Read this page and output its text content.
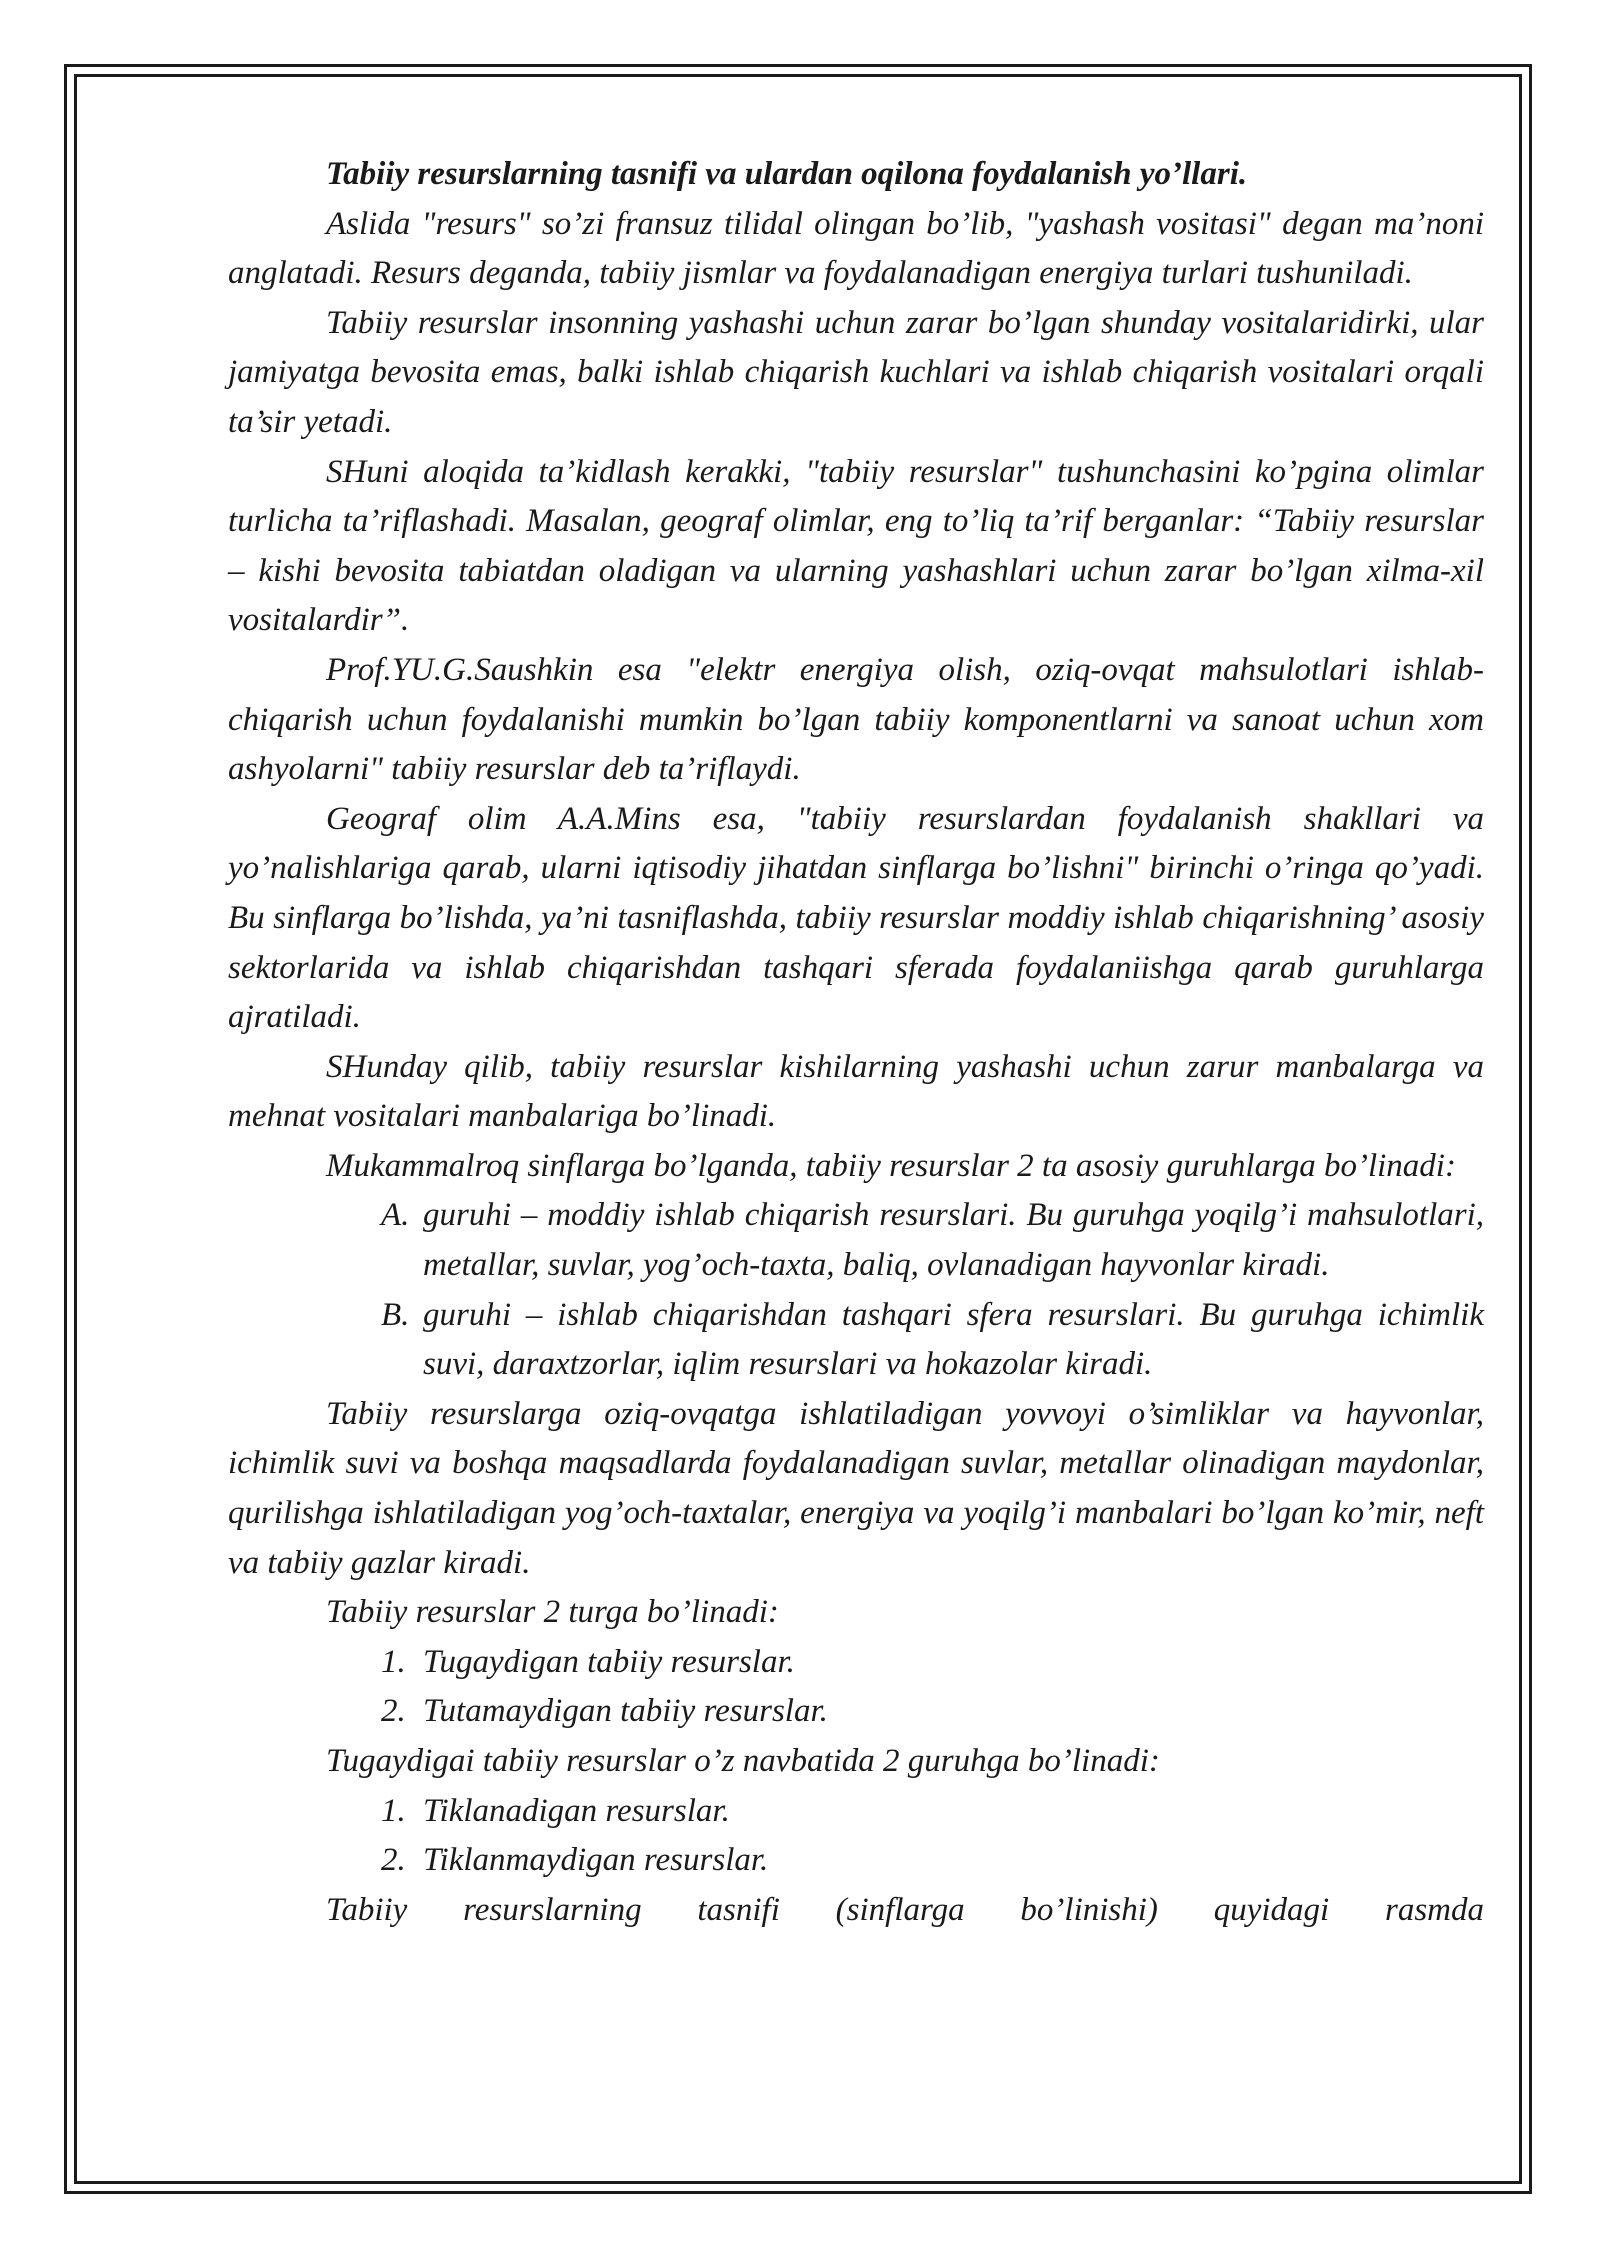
Tabiiy resurslarning tasnifi va ulardan oqilona foydalanish yo’llari.

Aslida "resurs" so’zi fransuz tilidal olingan bo’lib, "yashash vositasi" degan ma’noni anglatadi. Resurs deganda, tabiiy jismlar va foydalanadigan energiya turlari tushuniladi.

Tabiiy resurslar insonning yashashi uchun zarar bo’lgan shunday vositalaridirki, ular jamiyatga bevosita emas, balki ishlab chiqarish kuchlari va ishlab chiqarish vositalari orqali ta’sir yetadi.

SHuni aloqida ta’kidlash kerakki, "tabiiy resurslar" tushunchasini ko’pgina olimlar turlicha ta’riflashadi. Masalan, geograf olimlar, eng to’liq ta’rif berganlar: “Tabiiy resurslar – kishi bevosita tabiatdan oladigan va ularning yashashlari uchun zarar bo’lgan xilma-xil vositalardir”.

Prof.YU.G.Saushkin esa "elektr energiya olish, oziq-ovqat mahsulotlari ishlab-chiqarish uchun foydalanishi mumkin bo’lgan tabiiy komponentlarni va sanoat uchun xom ashyolarni" tabiiy resurslar deb ta’riflaydi.

Geograf olim A.A.Mins esa, "tabiiy resurslardan foydalanish shakllari va yo’nalishlariga qarab, ularni iqtisodiy jihatdan sinflarga bo’lishni" birinchi o’ringa qo’yadi. Bu sinflarga bo’lishda, ya’ni tasniflashda, tabiiy resurslar moddiy ishlab chiqarishning’ asosiy sektorlarida va ishlab chiqarishdan tashqari sferada foydalaniishga qarab guruhlarga ajratiladi.

SHunday qilib, tabiiy resurslar kishilarning yashashi uchun zarur manbalarga va mehnat vositalari manbalariga bo’linadi.

Mukammalroq sinflarga bo’lganda, tabiiy resurslar 2 ta asosiy guruhlarga bo’linadi:

A. guruhi – moddiy ishlab chiqarish resurslari. Bu guruhga yoqilg’i mahsulotlari, metallar, suvlar, yog’och-taxta, baliq, ovlanadigan hayvonlar kiradi.
B. guruhi – ishlab chiqarishdan tashqari sfera resurslari. Bu guruhga ichimlik suvi, daraxtzorlar, iqlim resurslari va hokazolar kiradi.

Tabiiy resurslarga oziq-ovqatga ishlatiladigan yovvoyi o’simliklar va hayvonlar, ichimlik suvi va boshqa maqsadlarda foydalanadigan suvlar, metallar olinadigan maydonlar, qurilishga ishlatiladigan yog’och-taxtalar, energiya va yoqilg’i manbalari bo’lgan ko’mir, neft va tabiiy gazlar kiradi.

Tabiiy resurslar 2 turga bo’linadi:

1. Tugaydigan tabiiy resurslar.
2. Tutamaydigan tabiiy resurslar.

Tugaydigai tabiiy resurslar o’z navbatida 2 guruhga bo’linadi:

1. Tiklanadigan resurslar.
2. Tiklanmaydigan resurslar.

Tabiiy resurslarning tasnifi (sinflarga bo’linishi) quyidagi rasmda
